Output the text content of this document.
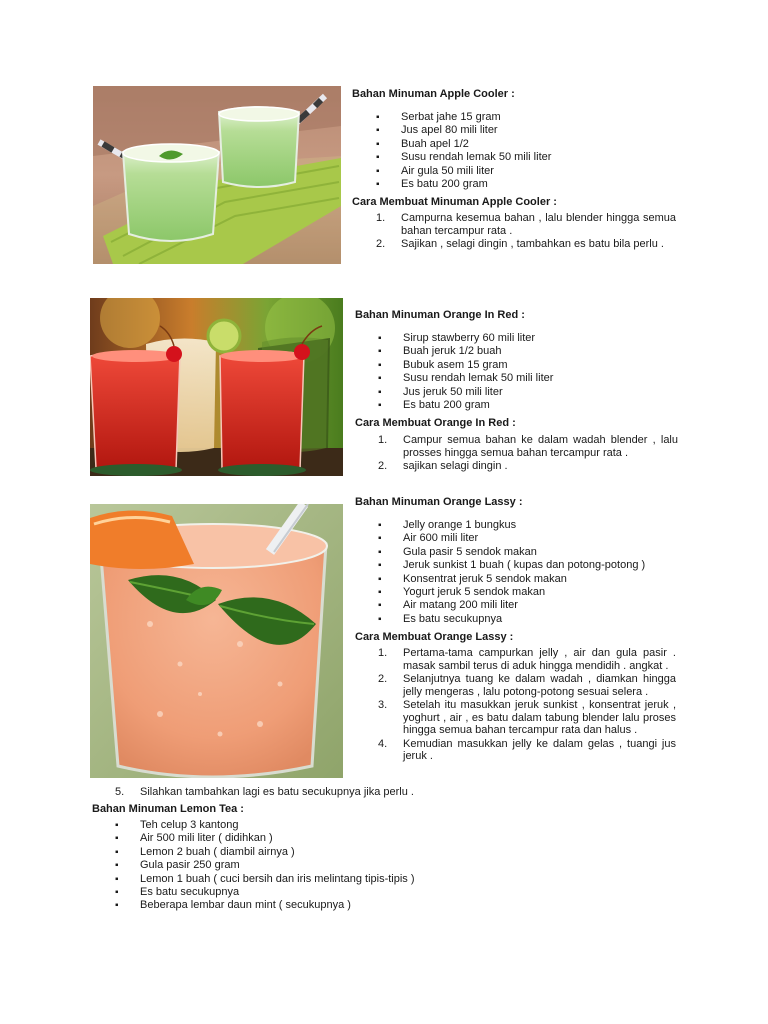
Bahan Minuman Apple Cooler :
▪ Serbat jahe 15 gram
▪ Jus apel 80 mili liter
▪ Buah apel 1/2
▪ Susu rendah lemak 50 mili liter
▪ Air gula 50 mili liter
▪ Es batu 200 gram
Cara Membuat Minuman Apple Cooler :
1. Campurna kesemua bahan , lalu blender hingga semua bahan tercampur rata .
2. Sajikan , selagi dingin , tambahkan es batu bila perlu .
Bahan Minuman Orange In Red :
▪ Sirup stawberry 60 mili liter
▪ Buah jeruk 1/2 buah
▪ Bubuk asem 15 gram
▪ Susu rendah lemak 50 mili liter
▪ Jus jeruk 50 mili liter
▪ Es batu 200 gram
Cara Membuat Orange In Red :
1. Campur semua bahan ke dalam wadah blender , lalu prosses hingga semua bahan tercampur rata .
2. sajikan selagi dingin .
Bahan Minuman Orange Lassy :
▪ Jelly orange 1 bungkus
▪ Air 600 mili liter
▪ Gula pasir 5 sendok makan
▪ Jeruk sunkist 1 buah ( kupas dan potong-potong )
▪ Konsentrat jeruk 5 sendok makan
▪ Yogurt jeruk 5 sendok makan
▪ Air matang 200 mili liter
▪ Es batu secukupnya
Cara Membuat Orange Lassy :
1. Pertama-tama campurkan jelly , air dan gula pasir . masak sambil terus di aduk hingga mendidih . angkat .
2. Selanjutnya tuang ke dalam wadah , diamkan hingga jelly mengeras , lalu potong-potong sesuai selera .
3. Setelah itu masukkan jeruk sunkist , konsentrat jeruk , yoghurt , air , es batu dalam tabung blender lalu proses hingga semua bahan tercampur rata dan halus .
4. Kemudian masukkan jelly ke dalam gelas , tuangi jus jeruk .
5. Silahkan tambahkan lagi es batu secukupnya jika perlu .
Bahan Minuman Lemon Tea :
▪ Teh celup 3 kantong
▪ Air 500 mili liter ( didihkan )
▪ Lemon 2 buah ( diambil airnya )
▪ Gula pasir 250 gram
▪ Lemon 1 buah ( cuci bersih dan iris melintang tipis-tipis )
▪ Es batu secukupnya
▪ Beberapa lembar daun mint ( secukupnya )
